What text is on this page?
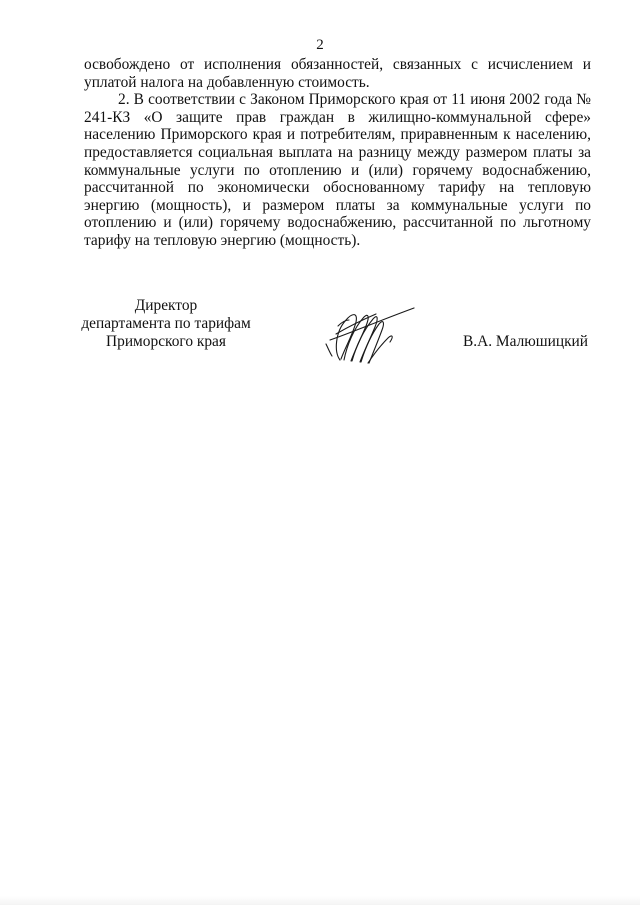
2

освобождено от исполнения обязанностей, связанных с исчислением и уплатой налога на добавленную стоимость.

2. В соответствии с Законом Приморского края от 11 июня 2002 года № 241-КЗ «О защите прав граждан в жилищно-коммунальной сфере» населению Приморского края и потребителям, приравненным к населению, предоставляется социальная выплата на разницу между размером платы за коммунальные услуги по отоплению и (или) горячему водоснабжению, рассчитанной по экономически обоснованному тарифу на тепловую энергию (мощность), и размером платы за коммунальные услуги по отоплению и (или) горячему водоснабжению, рассчитанной по льготному тарифу на тепловую энергию (мощность).

Директор
департамента по тарифам
Приморского края	В.А. Малюшицкий
